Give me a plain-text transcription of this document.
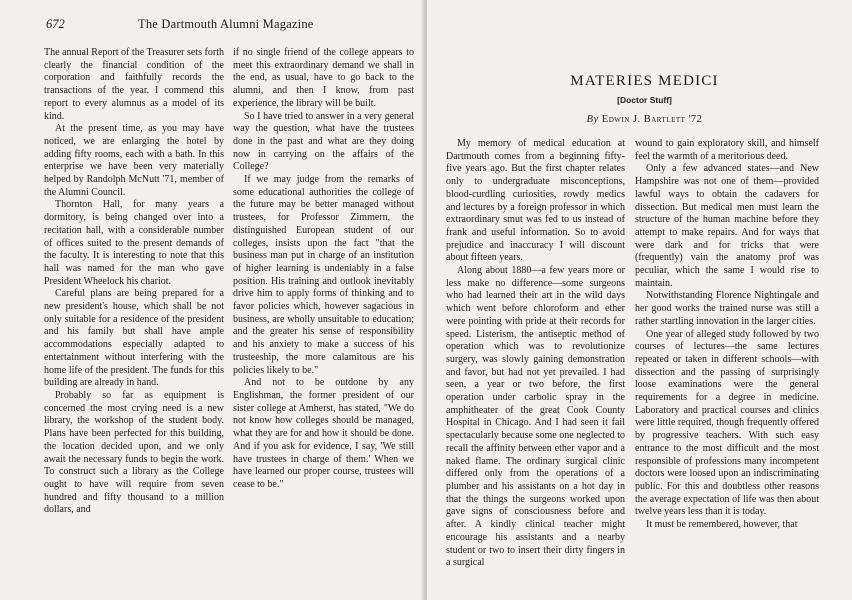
672	The Dartmouth Alumni Magazine

The annual Report of the Treasurer sets forth clearly the financial condition of the corporation and faithfully records the transactions of the year. I commend this report to every alumnus as a model of its kind.

At the present time, as you may have noticed, we are enlarging the hotel by adding fifty rooms, each with a bath. In this enterprise we have been very materially helped by Randolph McNutt '71, member of the Alumni Council.

Thornton Hall, for many years a dormitory, is being changed over into a recitation hall, with a considerable number of offices suited to the present demands of the faculty. It is interesting to note that this hall was named for the man who gave President Wheelock his chariot.

Careful plans are being prepared for a new president's house, which shall be not only suitable for a residence of the president and his family but shall have ample accommodations especially adapted to entertainment without interfering with the home life of the president. The funds for this building are already in hand.

Probably so far as equipment is concerned the most crying need is a new library, the workshop of the student body. Plans have been perfected for this building, the location decided upon, and we only await the necessary funds to begin the work. To construct such a library as the College ought to have will require from seven hundred and fifty thousand to a million dollars, and

if no single friend of the college appears to meet this extraordinary demand we shall in the end, as usual, have to go back to the alumni, and then I know, from past experience, the library will be built.

So I have tried to answer in a very general way the question, what have the trustees done in the past and what are they doing now in carrying on the affairs of the College?

If we may judge from the remarks of some educational authorities the college of the future may be better managed without trustees, for Professor Zimmern, the distinguished European student of our colleges, insists upon the fact "that the business man put in charge of an institution of higher learning is undeniably in a false position. His training and outlook inevitably drive him to apply forms of thinking and to favor policies which, however sagacious in business, are wholly unsuitable to education; and the greater his sense of responsibility and his anxiety to make a success of his trusteeship, the more calamitous are his policies likely to be."

And not to be outdone by any Englishman, the former president of our sister college at Amherst, has stated, "We do not know how colleges should be managed, what they are for and how it should be done. And if you ask for evidence, I say, 'We still have trustees in charge of them.' When we have learned our proper course, trustees will cease to be."

MATERIES MEDICI
[Doctor Stuff]
By Edwin J. Bartlett '72

My memory of medical education at Dartmouth comes from a beginning fifty-five years ago. But the first chapter relates only to undergraduate misconceptions, blood-curdling curiosities, rowdy medics and lectures by a foreign professor in which extraordinary smut was fed to us instead of frank and useful information. So to avoid prejudice and inaccuracy I will discount about fifteen years.

Along about 1880—a few years more or less make no difference—some surgeons who had learned their art in the wild days which went before chloroform and ether were pointing with pride at their records for speed. Listerism, the antiseptic method of operation which was to revolutionize surgery, was slowly gaining demonstration and favor, but had not yet prevailed. I had seen, a year or two before, the first operation under carbolic spray in the amphitheater of the great Cook County Hospital in Chicago. And I had seen it fail spectacularly because some one neglected to recall the affinity between ether vapor and a naked flame. The ordinary surgical clinic differed only from the operations of a plumber and his assistants on a hot day in that the things the surgeons worked upon gave signs of consciousness before and after. A kindly clinical teacher might encourage his assistants and a nearby student or two to insert their dirty fingers in a surgical

wound to gain exploratory skill, and himself feel the warmth of a meritorious deed.

Only a few advanced states—and New Hampshire was not one of them—provided lawful ways to obtain the cadavers for dissection. But medical men must learn the structure of the human machine before they attempt to make repairs. And for ways that were dark and for tricks that were (frequently) vain the anatomy prof was peculiar, which the same I would rise to maintain.

Notwithstanding Florence Nightingale and her good works the trained nurse was still a rather startling innovation in the larger cities.

One year of alleged study followed by two courses of lectures—the same lectures repeated or taken in different schools—with dissection and the passing of surprisingly loose examinations were the general requirements for a degree in medicine. Laboratory and practical courses and clinics were little required, though frequently offered by progressive teachers. With such easy entrance to the most difficult and the most responsible of professions many incompetent doctors were loosed upon an indiscriminating public. For this and doubtless other reasons the average expectation of life was then about twelve years less than it is today.

It must be remembered, however, that
